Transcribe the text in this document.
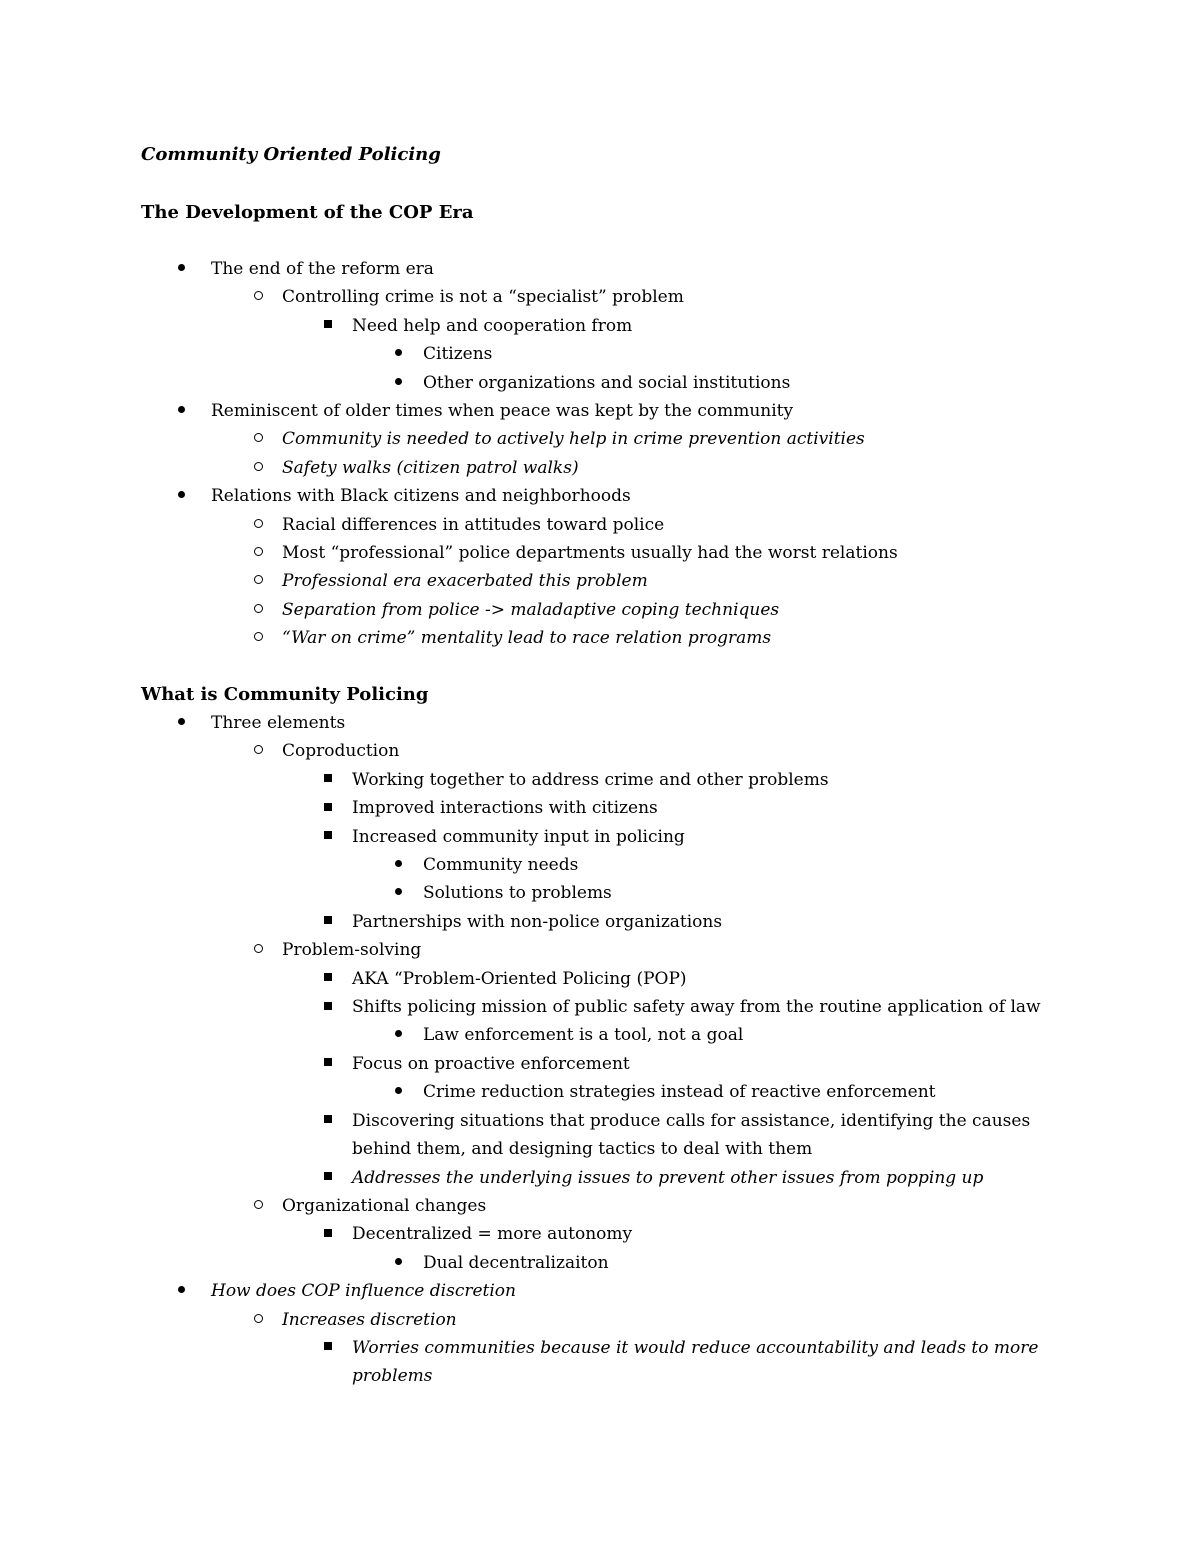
Community Oriented Policing
The Development of the COP Era
The end of the reform era
Controlling crime is not a “specialist” problem
Need help and cooperation from
Citizens
Other organizations and social institutions
Reminiscent of older times when peace was kept by the community
Community is needed to actively help in crime prevention activities
Safety walks (citizen patrol walks)
Relations with Black citizens and neighborhoods
Racial differences in attitudes toward police
Most “professional” police departments usually had the worst relations
Professional era exacerbated this problem
Separation from police -> maladaptive coping techniques
“War on crime” mentality lead to race relation programs
What is Community Policing
Three elements
Coproduction
Working together to address crime and other problems
Improved interactions with citizens
Increased community input in policing
Community needs
Solutions to problems
Partnerships with non-police organizations
Problem-solving
AKA “Problem-Oriented Policing (POP)
Shifts policing mission of public safety away from the routine application of law
Law enforcement is a tool, not a goal
Focus on proactive enforcement
Crime reduction strategies instead of reactive enforcement
Discovering situations that produce calls for assistance, identifying the causes behind them, and designing tactics to deal with them
Addresses the underlying issues to prevent other issues from popping up
Organizational changes
Decentralized = more autonomy
Dual decentralizaiton
How does COP influence discretion
Increases discretion
Worries communities because it would reduce accountability and leads to more problems
